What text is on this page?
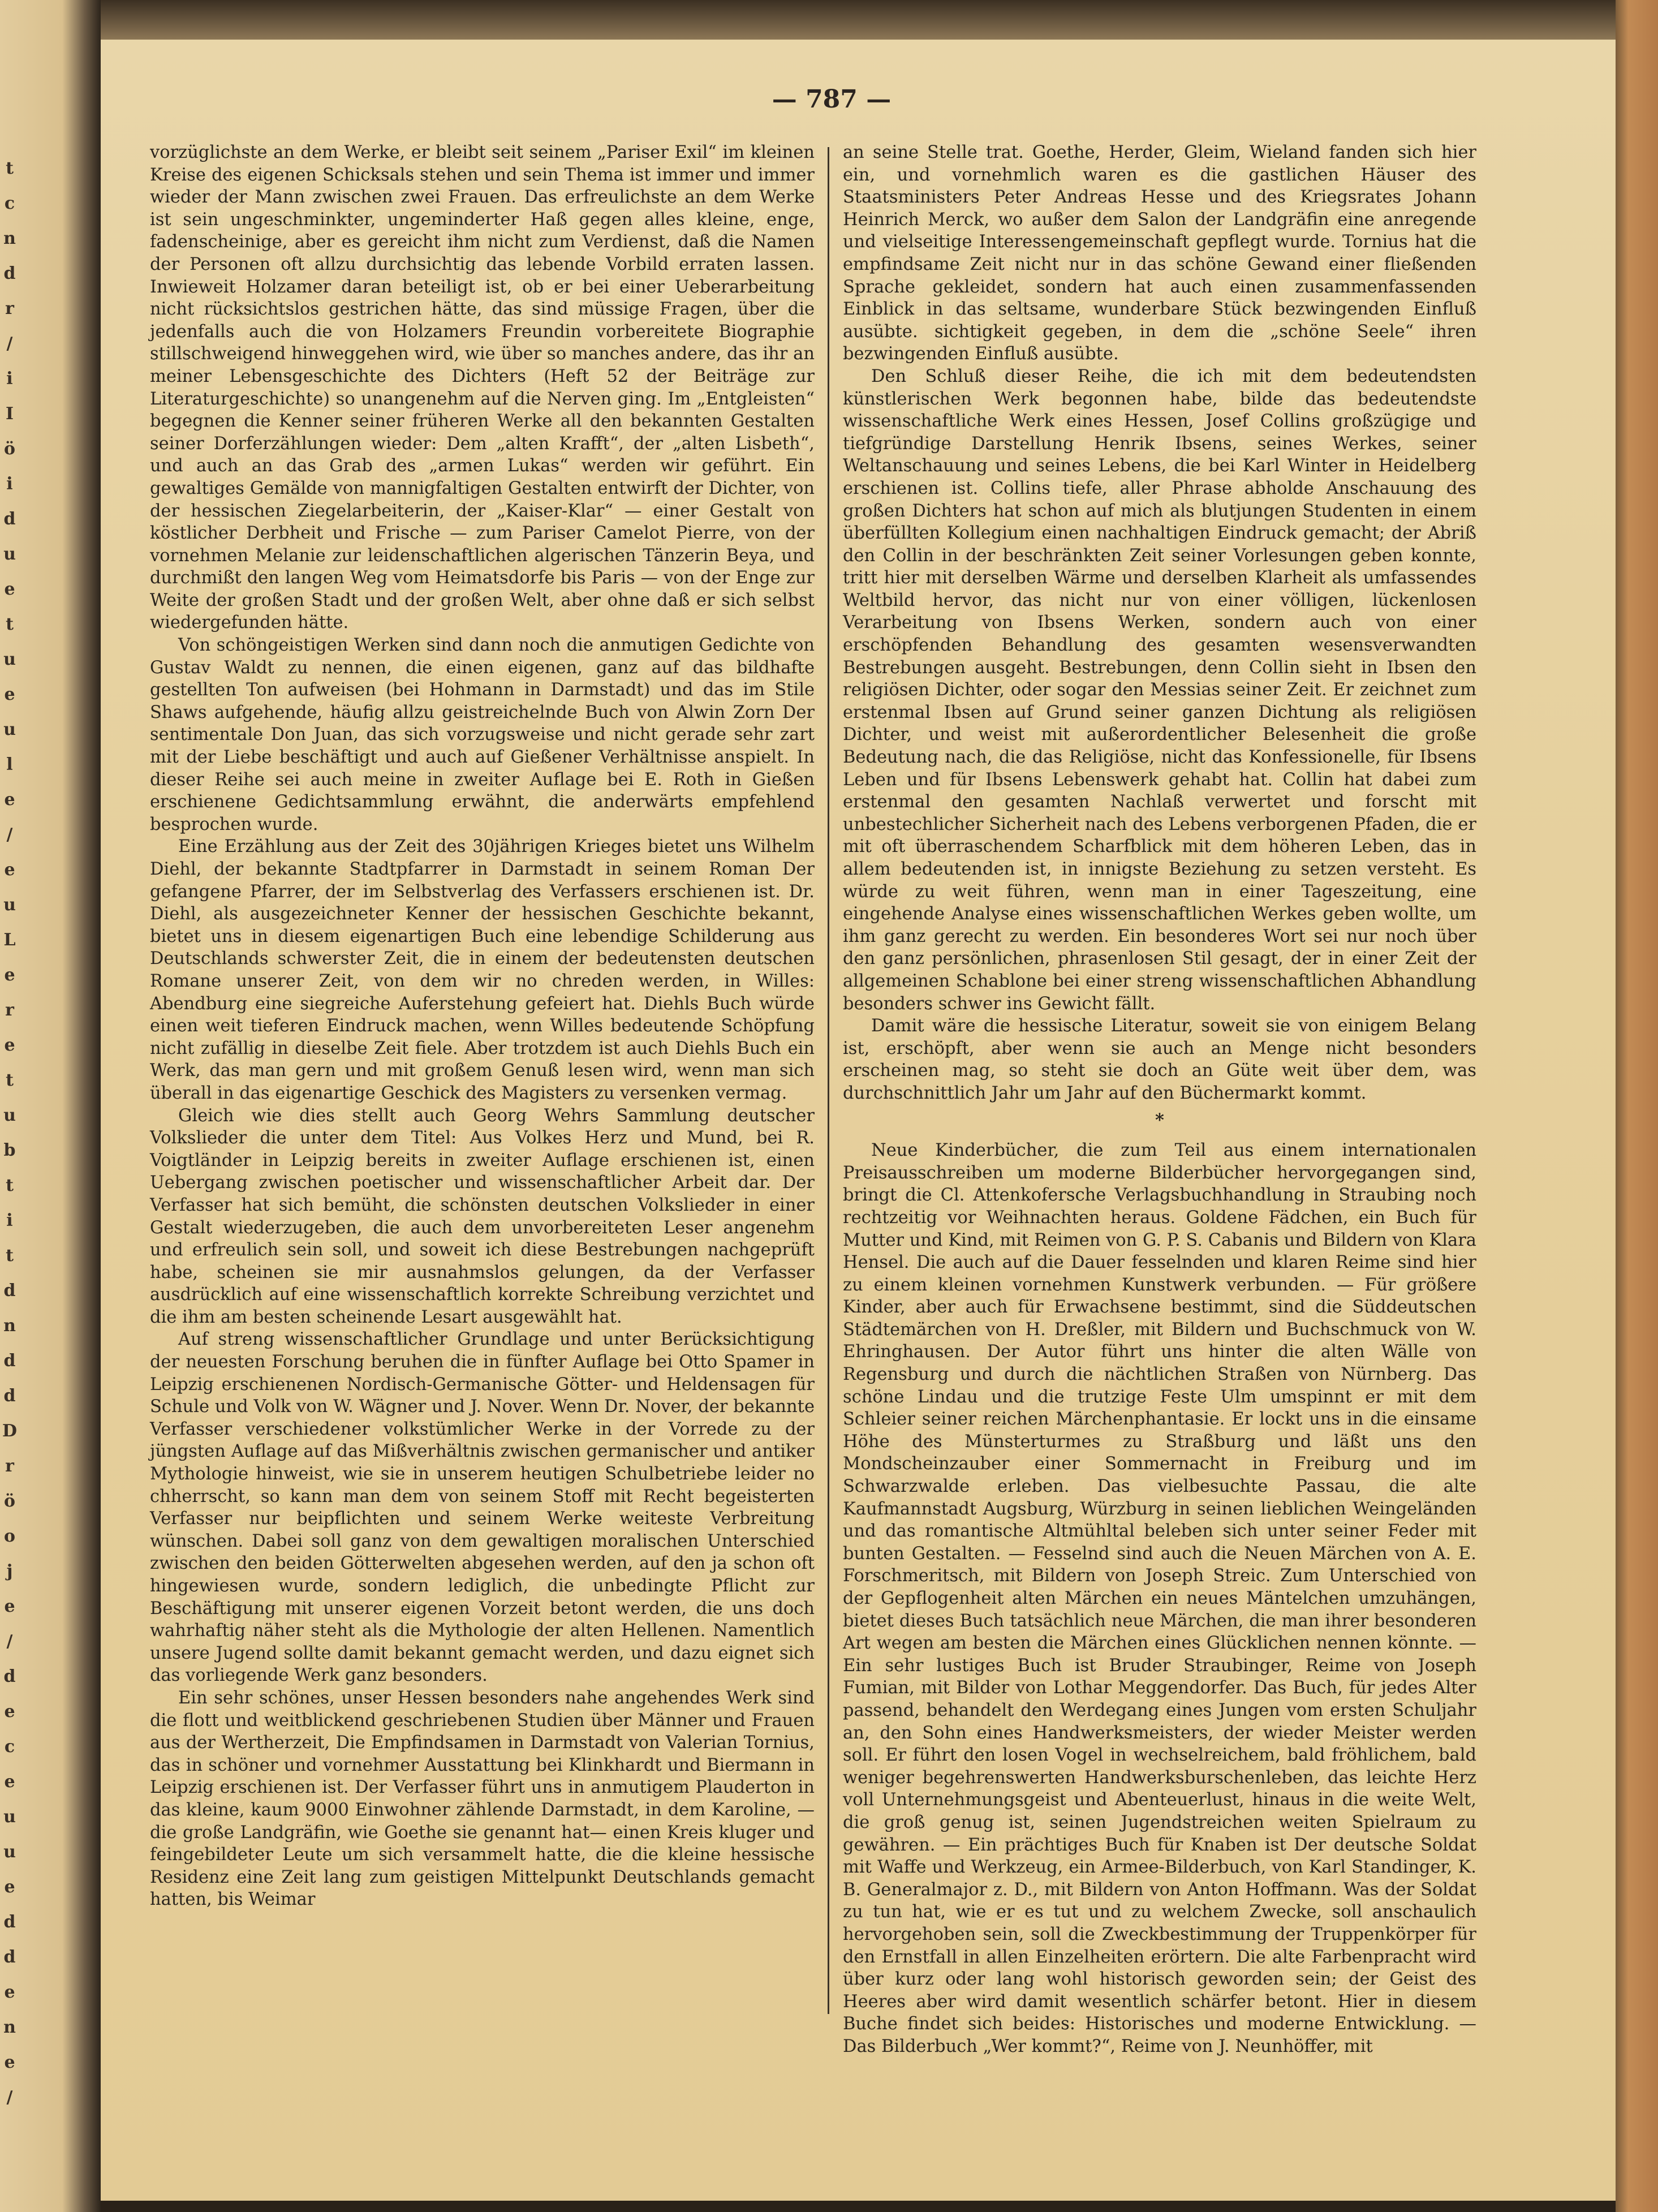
t
c
n
d
r
/
i
I
ö
i
d
u
e
t
u
e
u
l
e
/
e
u
L
e
r
e
t
u
b
t
i
t
d
n
d
d
D
r
ö
o
j
e
/
d
e
c
e
u
u
e
d
d
e
n
e
/
— 787 —

vorzüglichste an dem Werke, er bleibt seit seinem „Pariser Exil“ im kleinen Kreise des eigenen Schicksals stehen und sein Thema ist immer und immer wieder der Mann zwischen zwei Frauen. Das erfreulichste an dem Werke ist sein ungeschminkter, ungeminderter Haß gegen alles kleine, enge, fadenscheinige, aber es gereicht ihm nicht zum Verdienst, daß die Namen der Personen oft allzu durchsichtig das lebende Vorbild erraten lassen. Inwieweit Holzamer daran beteiligt ist, ob er bei einer Ueberarbeitung nicht rücksichtslos gestrichen hätte, das sind müssige Fragen, über die jedenfalls auch die von Holzamers Freundin vorbereitete Biographie stillschweigend hinweggehen wird, wie über so manches andere, das ihr an meiner Lebensgeschichte des Dichters (Heft 52 der Beiträge zur Literaturgeschichte) so unangenehm auf die Nerven ging. Im „Entgleisten“ begegnen die Kenner seiner früheren Werke all den bekannten Gestalten seiner Dorferzählungen wieder: Dem „alten Krafft“, der „alten Lisbeth“, und auch an das Grab des „armen Lukas“ werden wir geführt. Ein gewaltiges Gemälde von mannigfaltigen Gestalten entwirft der Dichter, von der hessischen Ziegelarbeiterin, der „Kaiser-Klar“ — einer Gestalt von köstlicher Derbheit und Frische — zum Pariser Camelot Pierre, von der vornehmen Melanie zur leidenschaftlichen algerischen Tänzerin Beya, und durchmißt den langen Weg vom Heimatsdorfe bis Paris — von der Enge zur Weite der großen Stadt und der großen Welt, aber ohne daß er sich selbst wiedergefunden hätte.

Von schöngeistigen Werken sind dann noch die anmutigen Gedichte von Gustav Waldt zu nennen, die einen eigenen, ganz auf das bildhafte gestellten Ton aufweisen (bei Hohmann in Darmstadt) und das im Stile Shaws aufgehende, häufig allzu geistreichelnde Buch von Alwin Zorn Der sentimentale Don Juan, das sich vorzugsweise und nicht gerade sehr zart mit der Liebe beschäftigt und auch auf Gießener Verhältnisse anspielt. In dieser Reihe sei auch meine in zweiter Auflage bei E. Roth in Gießen erschienene Gedichtsammlung erwähnt, die anderwärts empfehlend besprochen wurde.

Eine Erzählung aus der Zeit des 30jährigen Krieges bietet uns Wilhelm Diehl, der bekannte Stadtpfarrer in Darmstadt in seinem Roman Der gefangene Pfarrer, der im Selbstverlag des Verfassers erschienen ist. Dr. Diehl, als ausgezeichneter Kenner der hessischen Geschichte bekannt, bietet uns in diesem eigenartigen Buch eine lebendige Schilderung aus Deutschlands schwerster Zeit, die in einem der bedeutensten deutschen Romane unserer Zeit, von dem wir no chreden werden, in Willes: Abendburg eine siegreiche Auferstehung gefeiert hat. Diehls Buch würde einen weit tieferen Eindruck machen, wenn Willes bedeutende Schöpfung nicht zufällig in dieselbe Zeit fiele. Aber trotzdem ist auch Diehls Buch ein Werk, das man gern und mit großem Genuß lesen wird, wenn man sich überall in das eigenartige Geschick des Magisters zu versenken vermag.

Gleich wie dies stellt auch Georg Wehrs Sammlung deutscher Volkslieder die unter dem Titel: Aus Volkes Herz und Mund, bei R. Voigtländer in Leipzig bereits in zweiter Auflage erschienen ist, einen Uebergang zwischen poetischer und wissenschaftlicher Arbeit dar. Der Verfasser hat sich bemüht, die schönsten deutschen Volkslieder in einer Gestalt wiederzugeben, die auch dem unvorbereiteten Leser angenehm und erfreulich sein soll, und soweit ich diese Bestrebungen nachgeprüft habe, scheinen sie mir ausnahmslos gelungen, da der Verfasser ausdrücklich auf eine wissenschaftlich korrekte Schreibung verzichtet und die ihm am besten scheinende Lesart ausgewählt hat.

Auf streng wissenschaftlicher Grundlage und unter Berücksichtigung der neuesten Forschung beruhen die in fünfter Auflage bei Otto Spamer in Leipzig erschienenen Nordisch-Germanische Götter- und Heldensagen für Schule und Volk von W. Wägner und J. Nover. Wenn Dr. Nover, der bekannte Verfasser verschiedener volkstümlicher Werke in der Vorrede zu der jüngsten Auflage auf das Mißverhältnis zwischen germanischer und antiker Mythologie hinweist, wie sie in unserem heutigen Schulbetriebe leider no chherrscht, so kann man dem von seinem Stoff mit Recht begeisterten Verfasser nur beipflichten und seinem Werke weiteste Verbreitung wünschen. Dabei soll ganz von dem gewaltigen moralischen Unterschied zwischen den beiden Götterwelten abgesehen werden, auf den ja schon oft hingewiesen wurde, sondern lediglich, die unbedingte Pflicht zur Beschäftigung mit unserer eigenen Vorzeit betont werden, die uns doch wahrhaftig näher steht als die Mythologie der alten Hellenen. Namentlich unsere Jugend sollte damit bekannt gemacht werden, und dazu eignet sich das vorliegende Werk ganz besonders.

Ein sehr schönes, unser Hessen besonders nahe angehendes Werk sind die flott und weitblickend geschriebenen Studien über Männer und Frauen aus der Wertherzeit, Die Empfindsamen in Darmstadt von Valerian Tornius, das in schöner und vornehmer Ausstattung bei Klinkhardt und Biermann in Leipzig erschienen ist. Der Verfasser führt uns in anmutigem Plauderton in das kleine, kaum 9000 Einwohner zählende Darmstadt, in dem Karoline, — die große Landgräfin, wie Goethe sie genannt hat— einen Kreis kluger und feingebildeter Leute um sich versammelt hatte, die die kleine hessische Residenz eine Zeit lang zum geistigen Mittelpunkt Deutschlands gemacht hatten, bis Weimar

an seine Stelle trat. Goethe, Herder, Gleim, Wieland fanden sich hier ein, und vornehmlich waren es die gastlichen Häuser des Staatsministers Peter Andreas Hesse und des Kriegsrates Johann Heinrich Merck, wo außer dem Salon der Landgräfin eine anregende und vielseitige Interessengemeinschaft gepflegt wurde. Tornius hat die empfindsame Zeit nicht nur in das schöne Gewand einer fließenden Sprache gekleidet, sondern hat auch einen zusammenfassenden Einblick in das seltsame, wunderbare Stück bezwingenden Einfluß ausübte. sichtigkeit gegeben, in dem die „schöne Seele“ ihren bezwingenden Einfluß ausübte.

Den Schluß dieser Reihe, die ich mit dem bedeutendsten künstlerischen Werk begonnen habe, bilde das bedeutendste wissenschaftliche Werk eines Hessen, Josef Collins großzügige und tiefgründige Darstellung Henrik Ibsens, seines Werkes, seiner Weltanschauung und seines Lebens, die bei Karl Winter in Heidelberg erschienen ist. Collins tiefe, aller Phrase abholde Anschauung des großen Dichters hat schon auf mich als blutjungen Studenten in einem überfüllten Kollegium einen nachhaltigen Eindruck gemacht; der Abriß den Collin in der beschränkten Zeit seiner Vorlesungen geben konnte, tritt hier mit derselben Wärme und derselben Klarheit als umfassendes Weltbild hervor, das nicht nur von einer völligen, lückenlosen Verarbeitung von Ibsens Werken, sondern auch von einer erschöpfenden Behandlung des gesamten wesensverwandten Bestrebungen ausgeht. Bestrebungen, denn Collin sieht in Ibsen den religiösen Dichter, oder sogar den Messias seiner Zeit. Er zeichnet zum erstenmal Ibsen auf Grund seiner ganzen Dichtung als religiösen Dichter, und weist mit außerordentlicher Belesenheit die große Bedeutung nach, die das Religiöse, nicht das Konfessionelle, für Ibsens Leben und für Ibsens Lebenswerk gehabt hat. Collin hat dabei zum erstenmal den gesamten Nachlaß verwertet und forscht mit unbestechlicher Sicherheit nach des Lebens verborgenen Pfaden, die er mit oft überraschendem Scharfblick mit dem höheren Leben, das in allem bedeutenden ist, in innigste Beziehung zu setzen versteht. Es würde zu weit führen, wenn man in einer Tageszeitung, eine eingehende Analyse eines wissenschaftlichen Werkes geben wollte, um ihm ganz gerecht zu werden. Ein besonderes Wort sei nur noch über den ganz persönlichen, phrasenlosen Stil gesagt, der in einer Zeit der allgemeinen Schablone bei einer streng wissenschaftlichen Abhandlung besonders schwer ins Gewicht fällt.

Damit wäre die hessische Literatur, soweit sie von einigem Belang ist, erschöpft, aber wenn sie auch an Menge nicht besonders erscheinen mag, so steht sie doch an Güte weit über dem, was durchschnittlich Jahr um Jahr auf den Büchermarkt kommt.

*

Neue Kinderbücher, die zum Teil aus einem internationalen Preisausschreiben um moderne Bilderbücher hervorgegangen sind, bringt die Cl. Attenkofersche Verlagsbuchhandlung in Straubing noch rechtzeitig vor Weihnachten heraus. Goldene Fädchen, ein Buch für Mutter und Kind, mit Reimen von G. P. S. Cabanis und Bildern von Klara Hensel. Die auch auf die Dauer fesselnden und klaren Reime sind hier zu einem kleinen vornehmen Kunstwerk verbunden. — Für größere Kinder, aber auch für Erwachsene bestimmt, sind die Süddeutschen Städtemärchen von H. Dreßler, mit Bildern und Buchschmuck von W. Ehringhausen. Der Autor führt uns hinter die alten Wälle von Regensburg und durch die nächtlichen Straßen von Nürnberg. Das schöne Lindau und die trutzige Feste Ulm umspinnt er mit dem Schleier seiner reichen Märchenphantasie. Er lockt uns in die einsame Höhe des Münsterturmes zu Straßburg und läßt uns den Mondscheinzauber einer Sommernacht in Freiburg und im Schwarzwalde erleben. Das vielbesuchte Passau, die alte Kaufmannstadt Augsburg, Würzburg in seinen lieblichen Weingeländen und das romantische Altmühltal beleben sich unter seiner Feder mit bunten Gestalten. — Fesselnd sind auch die Neuen Märchen von A. E. Forschmeritsch, mit Bildern von Joseph Streic. Zum Unterschied von der Gepflogenheit alten Märchen ein neues Mäntelchen umzuhängen, bietet dieses Buch tatsächlich neue Märchen, die man ihrer besonderen Art wegen am besten die Märchen eines Glücklichen nennen könnte. — Ein sehr lustiges Buch ist Bruder Straubinger, Reime von Joseph Fumian, mit Bilder von Lothar Meggendorfer. Das Buch, für jedes Alter passend, behandelt den Werdegang eines Jungen vom ersten Schuljahr an, den Sohn eines Handwerksmeisters, der wieder Meister werden soll. Er führt den losen Vogel in wechselreichem, bald fröhlichem, bald weniger begehrenswerten Handwerksburschenleben, das leichte Herz voll Unternehmungsgeist und Abenteuerlust, hinaus in die weite Welt, die groß genug ist, seinen Jugendstreichen weiten Spielraum zu gewähren. — Ein prächtiges Buch für Knaben ist Der deutsche Soldat mit Waffe und Werkzeug, ein Armee-Bilderbuch, von Karl Standinger, K. B. Generalmajor z. D., mit Bildern von Anton Hoffmann. Was der Soldat zu tun hat, wie er es tut und zu welchem Zwecke, soll anschaulich hervorgehoben sein, soll die Zweckbestimmung der Truppenkörper für den Ernstfall in allen Einzelheiten erörtern. Die alte Farbenpracht wird über kurz oder lang wohl historisch geworden sein; der Geist des Heeres aber wird damit wesentlich schärfer betont. Hier in diesem Buche findet sich beides: Historisches und moderne Entwicklung. — Das Bilderbuch „Wer kommt?“, Reime von J. Neunhöffer, mit
